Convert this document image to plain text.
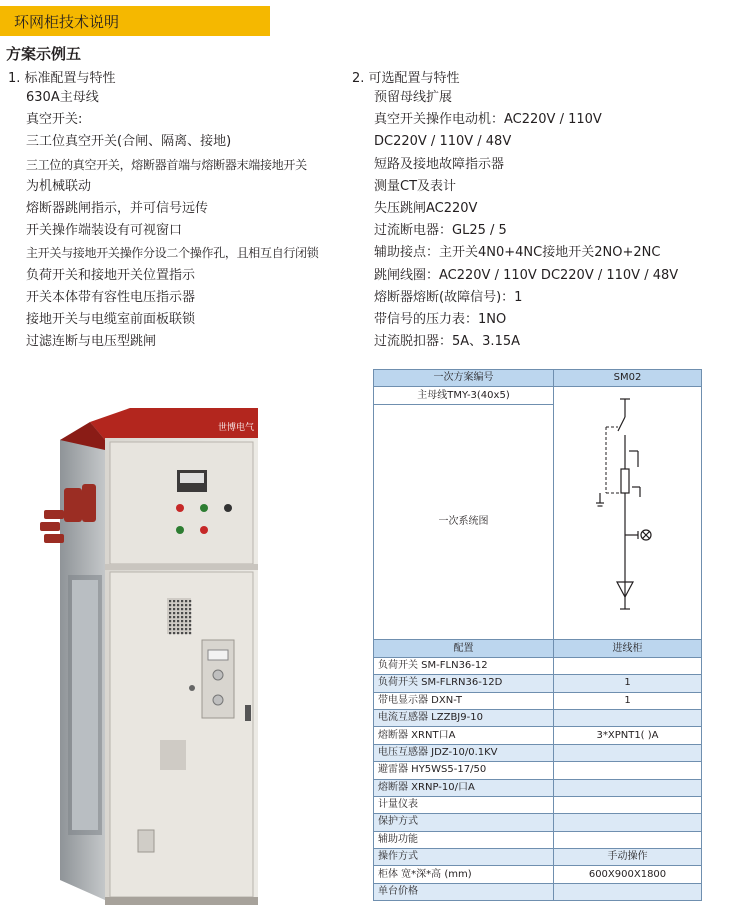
环网柜技术说明
方案示例五
1. 标准配置与特性
630A主母线
真空开关:
三工位真空开关(合闸、隔离、接地)
三工位的真空开关，熔断器首端与熔断器末端接地开关
为机械联动
熔断器跳闸指示，并可信号远传
开关操作端装设有可视窗口
主开关与接地开关操作分设二个操作孔，且相互自行闭锁
负荷开关和接地开关位置指示
开关本体带有容性电压指示器
接地开关与电缆室前面板联锁
过滤连断与电压型跳闸
2. 可选配置与特性
预留母线扩展
真空开关操作电动机：AC220V / 110V
DC220V / 110V / 48V
短路及接地故障指示器
测量CT及表计
失压跳闸AC220V
过流断电器：GL25 / 5
辅助接点：主开关4N0+4NC接地开关2NO+2NC
跳闸线圈：AC220V / 110V DC220V / 110V / 48V
熔断器熔断(故障信号)：1
带信号的压力表：1NO
过流脱扣器：5A、3.15A
世博电气
一次方案编号	SM02
主母线TMY-3(40x5)	
一次系统图	
配置	进线柜
负荷开关 SM-FLN36-12	
负荷开关 SM-FLRN36-12D	1
带电显示器 DXN-T	1
电流互感器 LZZBJ9-10	
熔断器 XRNT口A	3*XPNT1( )A
电压互感器 JDZ-10/0.1KV	
避雷器 HY5WS5-17/50	
熔断器 XRNP-10/口A	
计量仪表	
保护方式	
辅助功能	
操作方式	手动操作
柜体 宽*深*高 (mm)	600X900X1800
单台价格	
